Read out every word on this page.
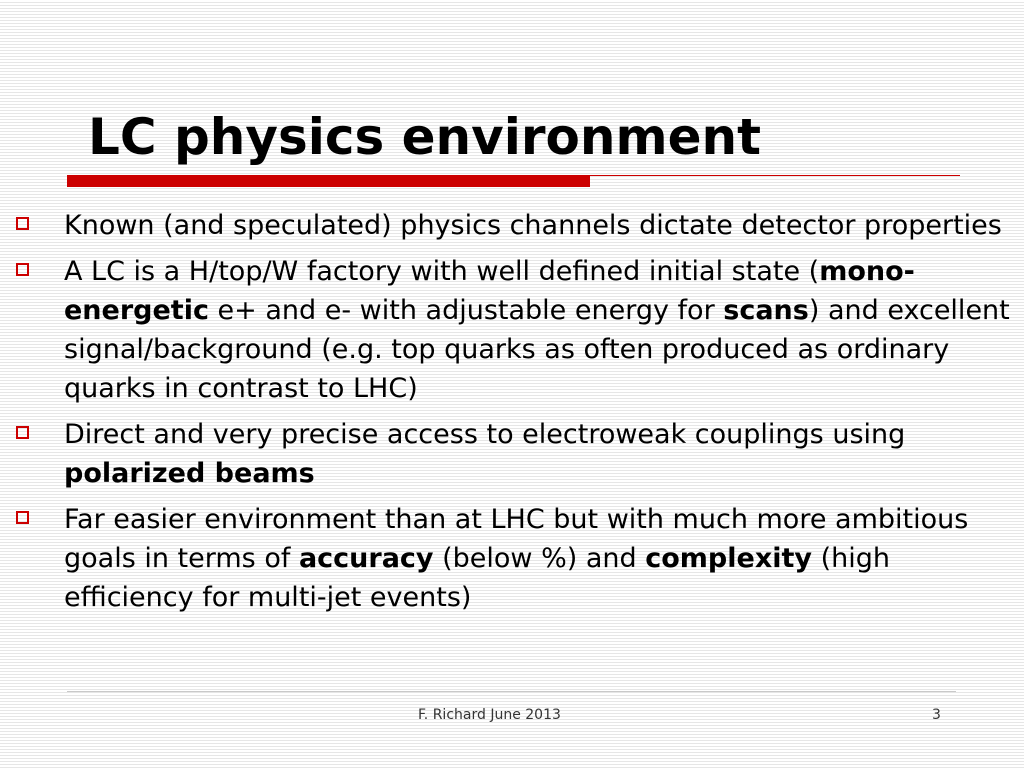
LC physics environment
Known (and speculated) physics channels dictate detector properties
A LC is a H/top/W factory with well defined initial state (mono-energetic e+ and e- with adjustable energy for scans) and excellent signal/background (e.g. top quarks as often produced as ordinary quarks in contrast to LHC)
Direct and very precise access to electroweak couplings using polarized beams
Far easier environment than at LHC but with much more ambitious goals in terms of accuracy (below %) and complexity (high efficiency for multi-jet events)
F. Richard June 2013	3
